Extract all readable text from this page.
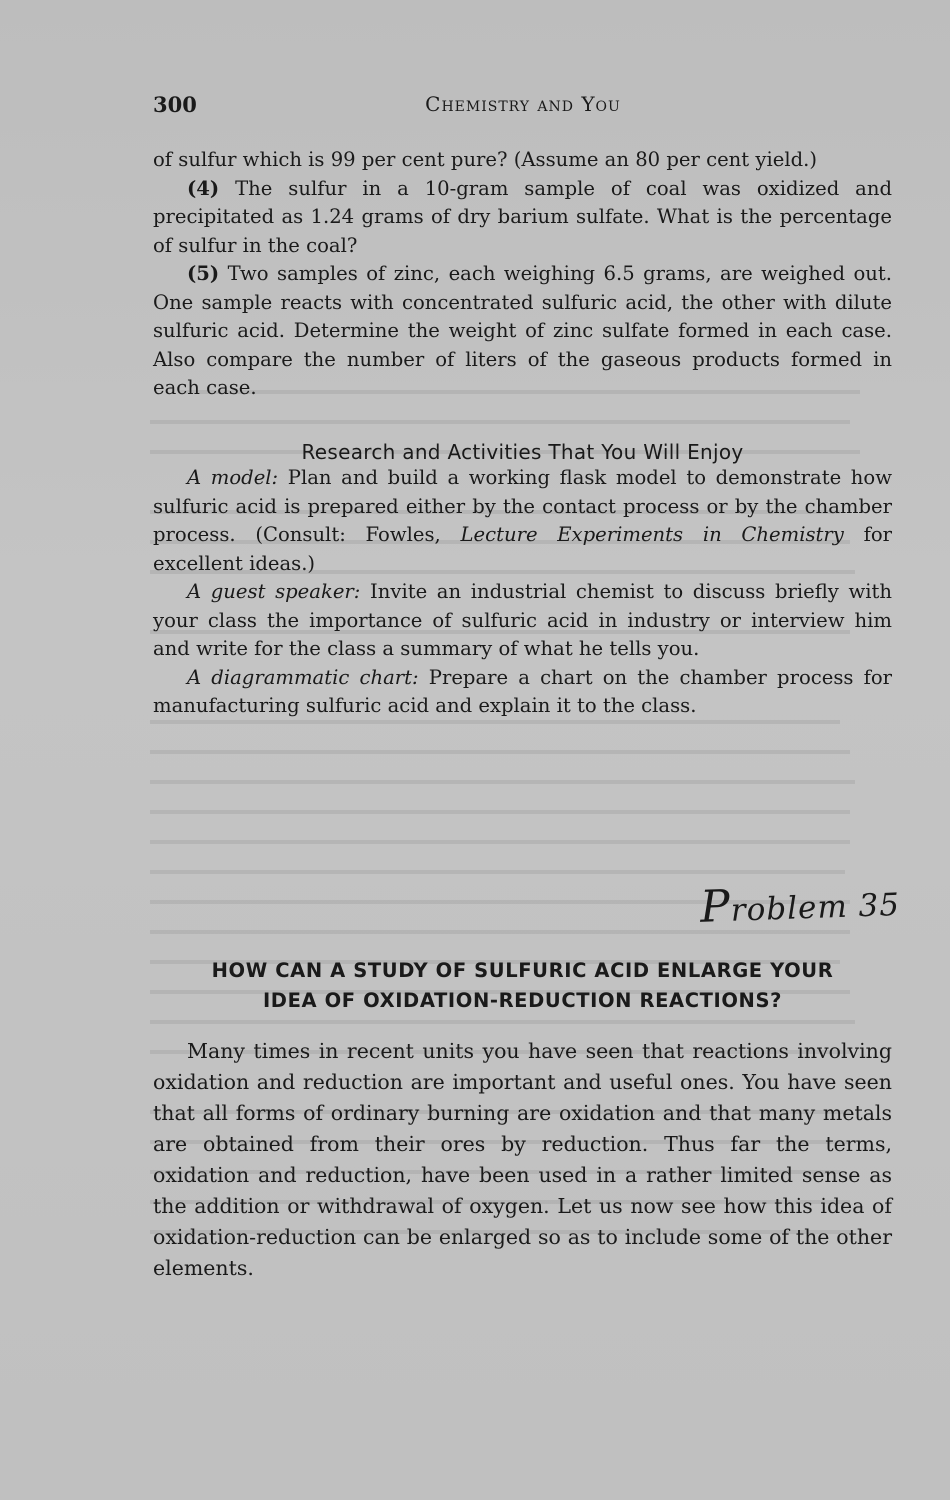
300	Chemistry and You

of sulfur which is 99 per cent pure? (Assume an 80 per cent yield.)

(4) The sulfur in a 10-gram sample of coal was oxidized and precipitated as 1.24 grams of dry barium sulfate. What is the percentage of sulfur in the coal?

(5) Two samples of zinc, each weighing 6.5 grams, are weighed out. One sample reacts with concentrated sulfuric acid, the other with dilute sulfuric acid. Determine the weight of zinc sulfate formed in each case. Also compare the number of liters of the gaseous products formed in each case.

Research and Activities That You Will Enjoy

A model: Plan and build a working flask model to demonstrate how sulfuric acid is prepared either by the contact process or by the chamber process. (Consult: Fowles, Lecture Experiments in Chemistry for excellent ideas.)

A guest speaker: Invite an industrial chemist to discuss briefly with your class the importance of sulfuric acid in industry or interview him and write for the class a summary of what he tells you.

A diagrammatic chart: Prepare a chart on the chamber process for manufacturing sulfuric acid and explain it to the class.

Problem 35
HOW CAN A STUDY OF SULFURIC ACID ENLARGE YOUR
IDEA OF OXIDATION-REDUCTION REACTIONS?

Many times in recent units you have seen that reactions involving oxidation and reduction are important and useful ones. You have seen that all forms of ordinary burning are oxidation and that many metals are obtained from their ores by reduction. Thus far the terms, oxidation and reduction, have been used in a rather limited sense as the addition or withdrawal of oxygen. Let us now see how this idea of oxidation-reduction can be enlarged so as to include some of the other elements.
